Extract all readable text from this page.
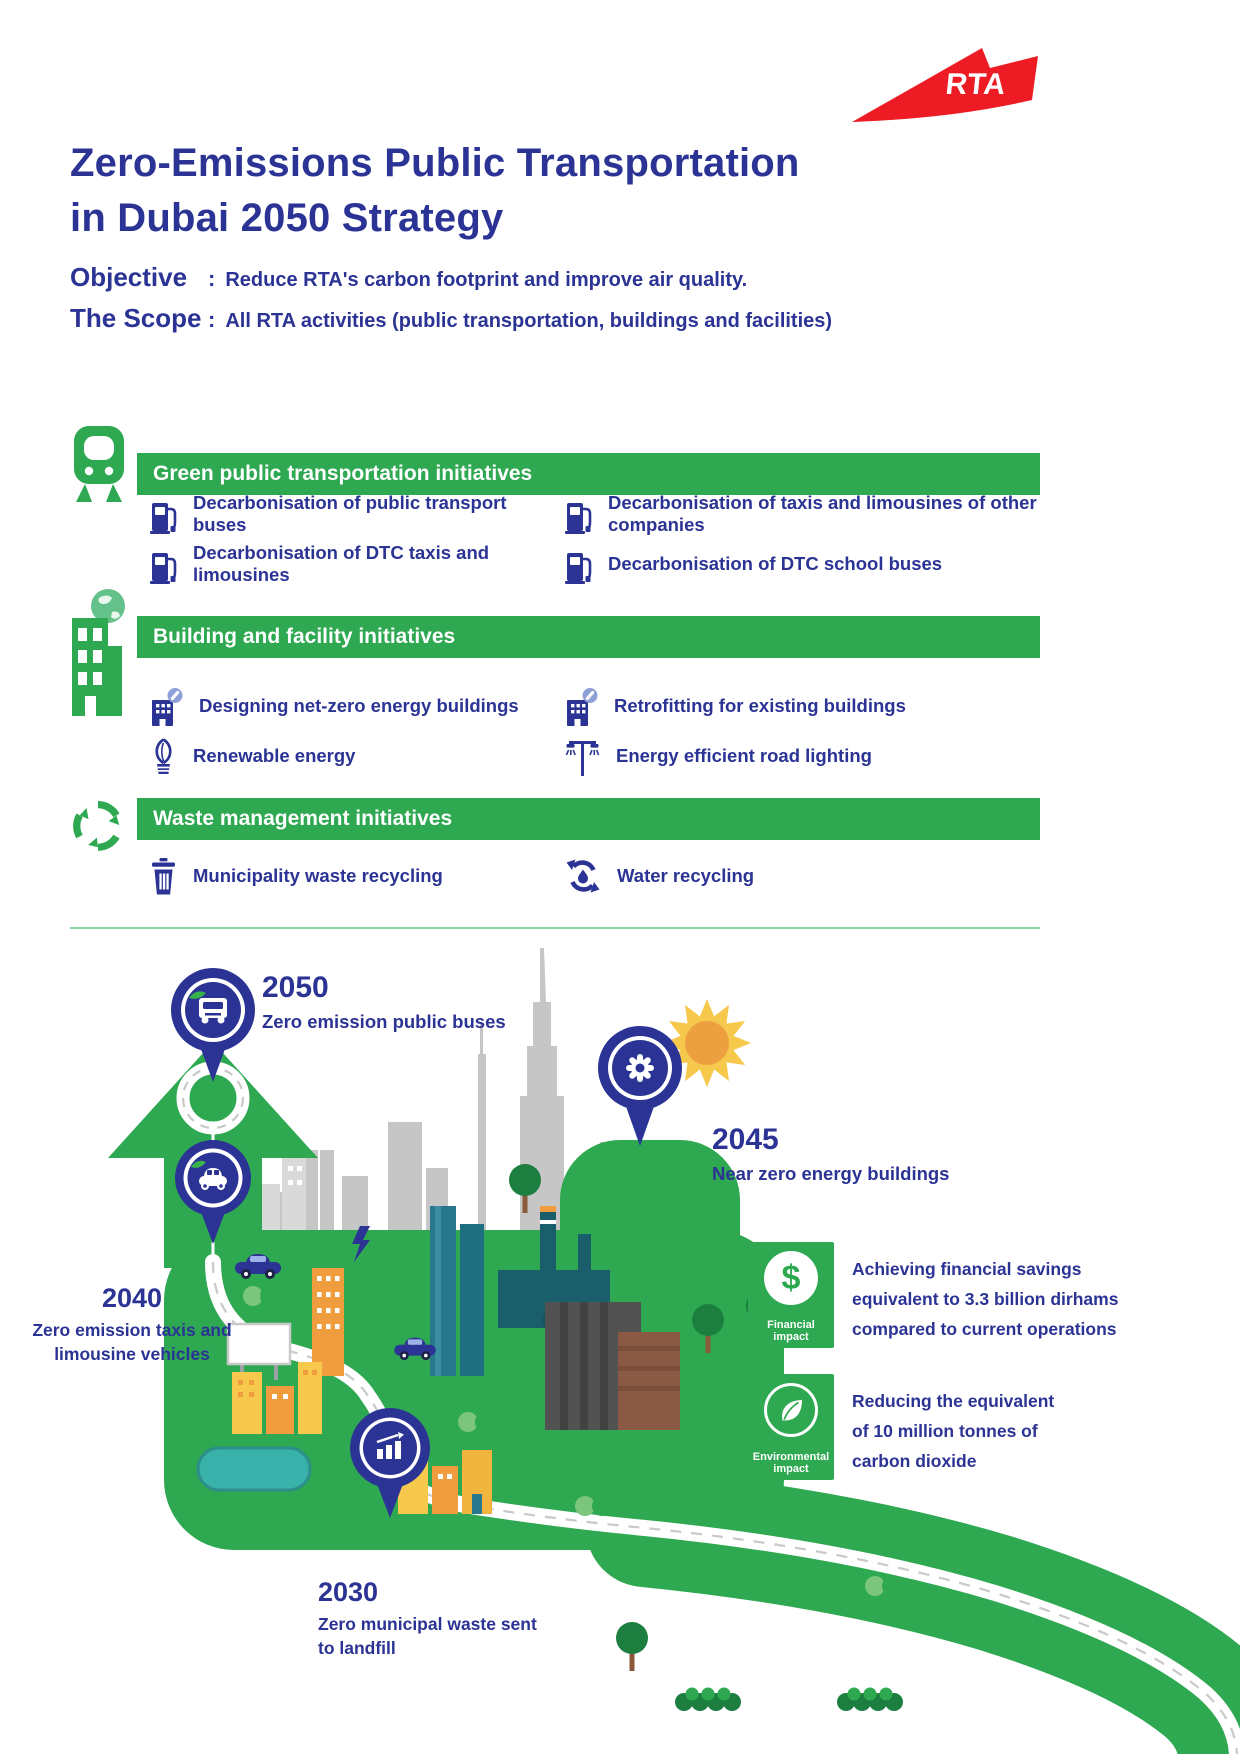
RTA
Zero-Emissions Public Transportation
in Dubai 2050 Strategy
Objective : Reduce RTA's carbon footprint and improve air quality.
The Scope : All RTA activities (public transportation, buildings and facilities)
Green public transportation initiatives
Decarbonisation of public transport buses
Decarbonisation of taxis and limousines of other companies
Decarbonisation of DTC taxis and limousines
Decarbonisation of DTC school buses
Building and facility initiatives
Designing net-zero energy buildings	Retrofitting for existing buildings
Renewable energy	Energy efficient road lighting
Waste management initiatives
Municipality waste recycling	Water recycling
2050

Zero emission public buses

2045

Near zero energy buildings

2040

Zero emission taxis and limousine vehicles

2030

Zero municipal waste sent to landfill

$
Financial impact
Achieving financial savings
equivalent to 3.3 billion dirhams
compared to current operations
Environmental impact
Reducing the equivalent
of 10 million tonnes of
carbon dioxide
